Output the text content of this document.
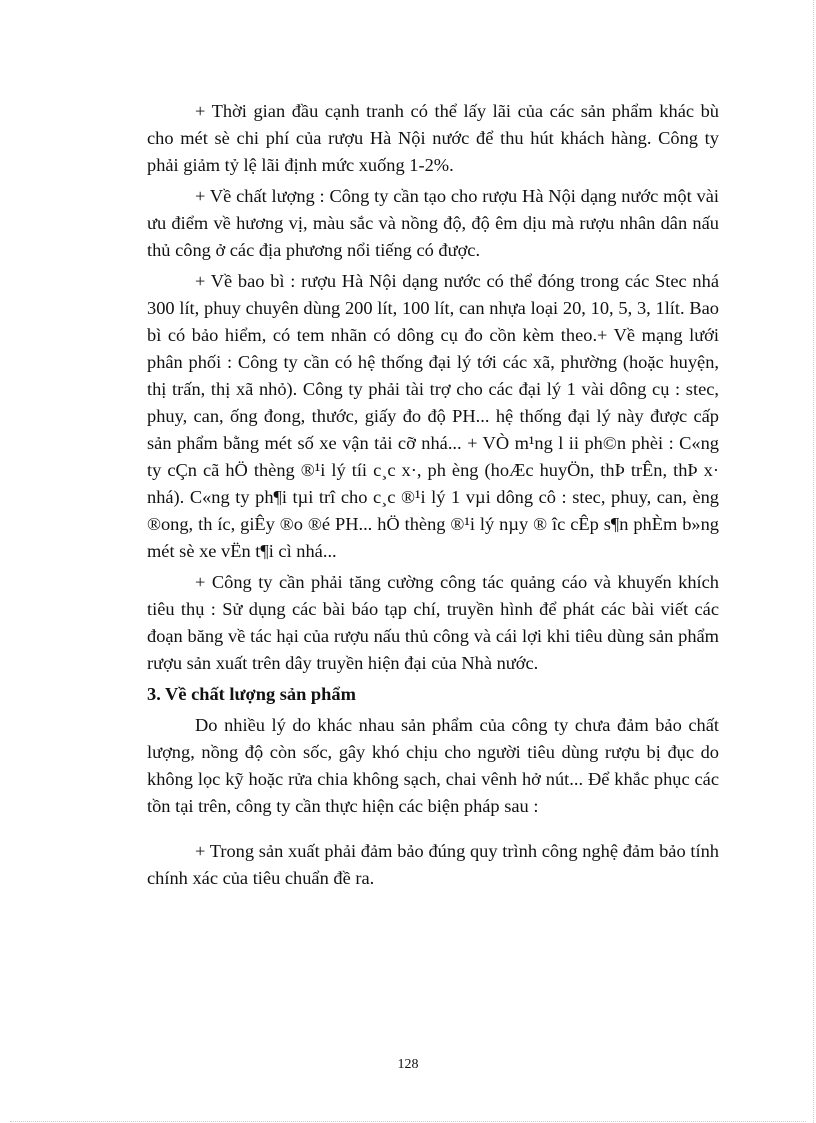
+ Thời gian đầu cạnh tranh có thể lấy lãi của các sản phẩm khác bù cho mét sè chi phí của rượu Hà Nội nước để thu hút khách hàng. Công ty phải giảm tỷ lệ lãi định mức xuống 1-2%.

+ Về chất lượng : Công ty cần tạo cho rượu Hà Nội dạng nước một vài ưu điểm về hương vị, màu sắc và nồng độ, độ êm dịu mà rượu nhân dân nấu thủ công ở các địa phương nổi tiếng có được.

+ Về bao bì : rượu Hà Nội dạng nước có thể đóng trong các Stec nhá 300 lít, phuy chuyên dùng 200 lít, 100 lít, can nhựa loại 20, 10, 5, 3, 1lít. Bao bì có bảo hiểm, có tem nhãn có dông cụ đo cồn kèm theo.+ Về mạng lưới phân phối : Công ty cần có hệ thống đại lý tới các xã, phường (hoặc huyện, thị trấn, thị xã nhỏ). Công ty phải tài trợ cho các đại lý 1 vài dông cụ : stec, phuy, can, ống đong, thước, giấy đo độ PH... hệ thống đại lý này được cấp sản phẩm bằng mét số xe vận tải cỡ nhá... + VÒ m¹ng l ii ph©n phèi : C«ng ty cÇn cã hÖ thèng ®¹i lý tíi c¸c x·, ph èng (hoÆc huyÖn, thÞ trÊn, thÞ x· nhá). C«ng ty ph¶i tµi trî cho c¸c ®¹i lý 1 vµi dông cô : stec, phuy, can, èng ®ong, th íc, giÊy ®o ®é PH... hÖ thèng ®¹i lý nµy ® îc cÊp s¶n phÈm b»ng mét sè xe vËn t¶i cì nhá...

+ Công ty cần phải tăng cường công tác quảng cáo và khuyến khích tiêu thụ : Sử dụng các bài báo tạp chí, truyền hình để phát các bài viết các đoạn băng về tác hại của rượu nấu thủ công và cái lợi khi tiêu dùng sản phẩm rượu sản xuất trên dây truyền hiện đại của Nhà nước.

3. Về chất lượng sản phẩm

Do nhiều lý do khác nhau sản phẩm của công ty chưa đảm bảo chất lượng, nồng độ còn sốc, gây khó chịu cho người tiêu dùng rượu bị đục do không lọc kỹ hoặc rửa chia không sạch, chai vênh hở nút... Để khắc phục các tồn tại trên, công ty cần thực hiện các biện pháp sau :

+ Trong sản xuất phải đảm bảo đúng quy trình công nghệ đảm bảo tính chính xác của tiêu chuẩn đề ra.

128
